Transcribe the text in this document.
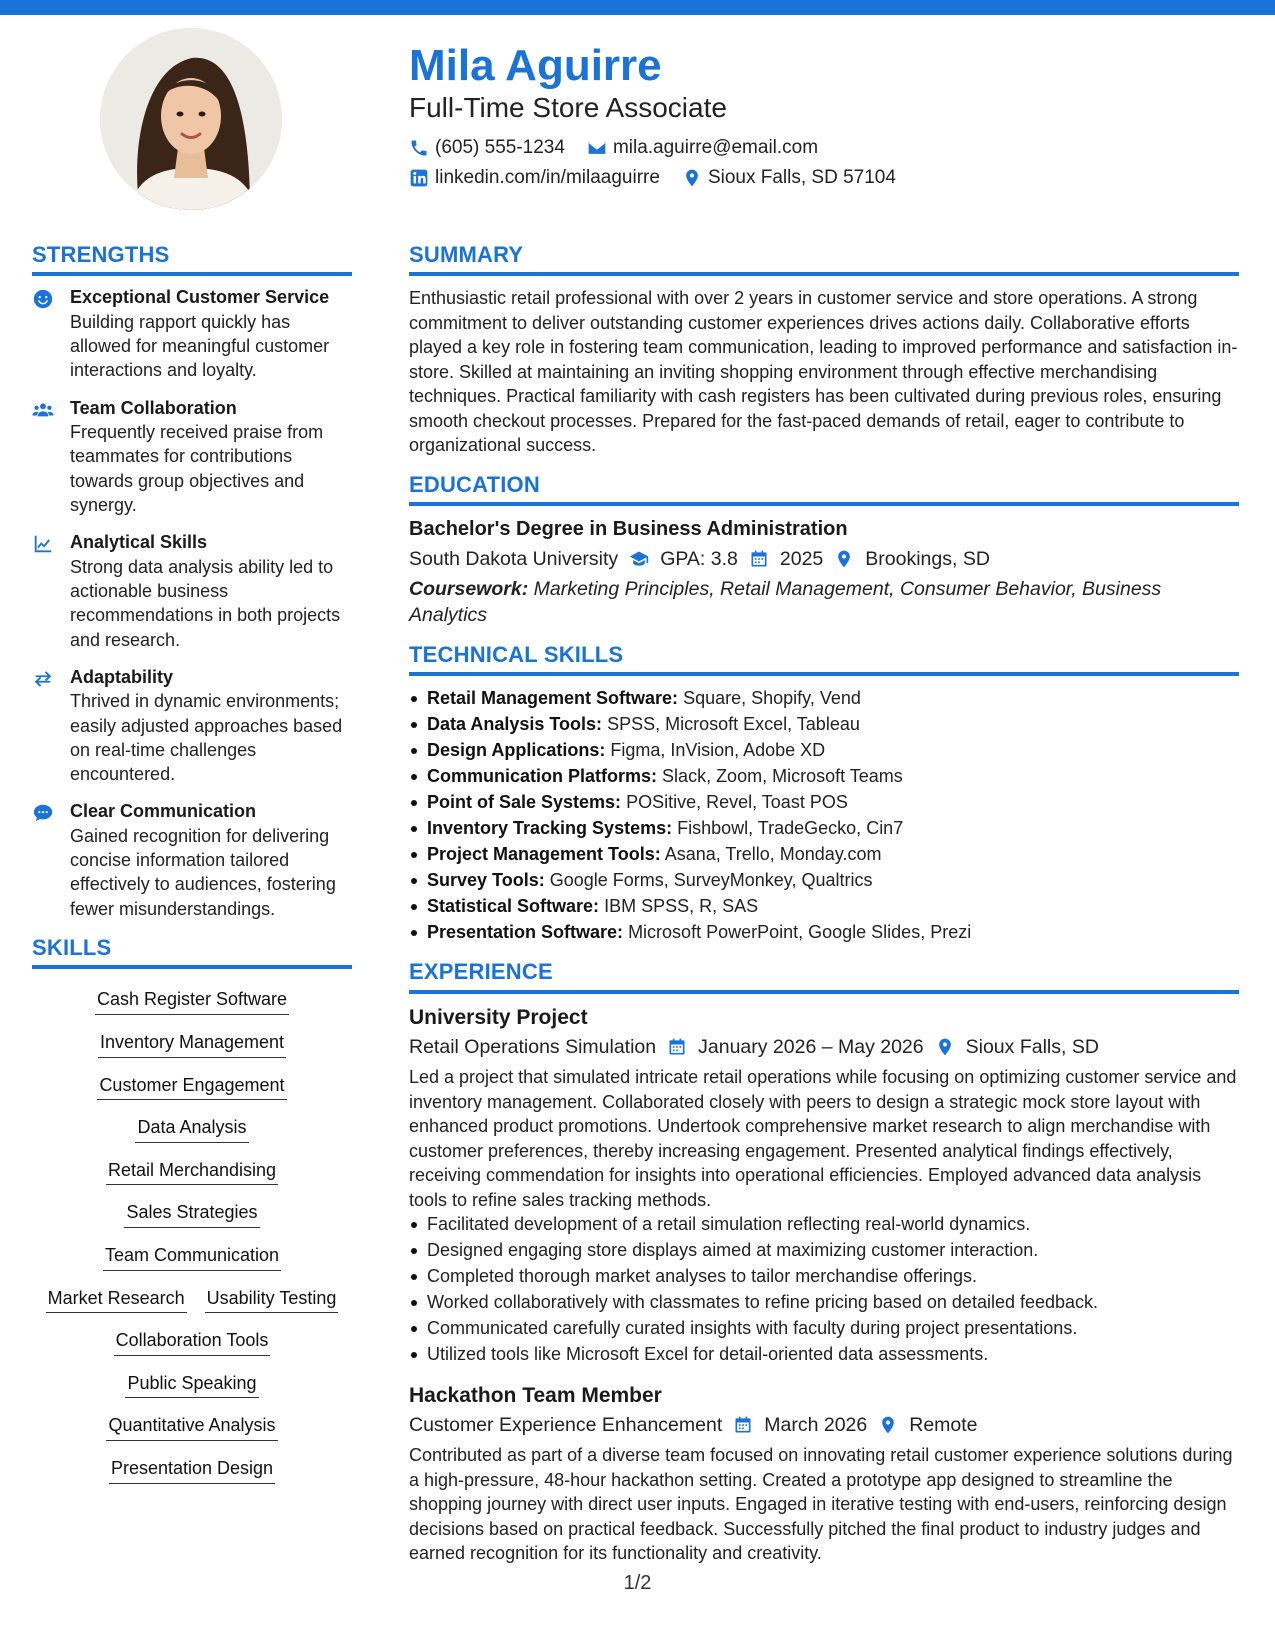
Mila Aguirre
Full-Time Store Associate
(605) 555-1234	mila.aguirre@email.com
linkedin.com/in/milaaguirre	Sioux Falls, SD 57104
STRENGTHS
Exceptional Customer Service
Building rapport quickly has allowed for meaningful customer interactions and loyalty.
Team Collaboration
Frequently received praise from teammates for contributions towards group objectives and synergy.
Analytical Skills
Strong data analysis ability led to actionable business recommendations in both projects and research.
Adaptability
Thrived in dynamic environments; easily adjusted approaches based on real-time challenges encountered.
Clear Communication
Gained recognition for delivering concise information tailored effectively to audiences, fostering fewer misunderstandings.
SKILLS
Cash Register Software
Inventory Management
Customer Engagement
Data Analysis
Retail Merchandising
Sales Strategies
Team Communication
Market Research Usability Testing
Collaboration Tools
Public Speaking
Quantitative Analysis
Presentation Design
SUMMARY
Enthusiastic retail professional with over 2 years in customer service and store operations. A strong commitment to deliver outstanding customer experiences drives actions daily. Collaborative efforts played a key role in fostering team communication, leading to improved performance and satisfaction in-store. Skilled at maintaining an inviting shopping environment through effective merchandising techniques. Practical familiarity with cash registers has been cultivated during previous roles, ensuring smooth checkout processes. Prepared for the fast-paced demands of retail, eager to contribute to organizational success.
EDUCATION
Bachelor's Degree in Business Administration
South Dakota University GPA: 3.8 2025 Brookings, SD
Coursework: Marketing Principles, Retail Management, Consumer Behavior, Business Analytics
TECHNICAL SKILLS
Retail Management Software: Square, Shopify, Vend
Data Analysis Tools: SPSS, Microsoft Excel, Tableau
Design Applications: Figma, InVision, Adobe XD
Communication Platforms: Slack, Zoom, Microsoft Teams
Point of Sale Systems: POSitive, Revel, Toast POS
Inventory Tracking Systems: Fishbowl, TradeGecko, Cin7
Project Management Tools: Asana, Trello, Monday.com
Survey Tools: Google Forms, SurveyMonkey, Qualtrics
Statistical Software: IBM SPSS, R, SAS
Presentation Software: Microsoft PowerPoint, Google Slides, Prezi
EXPERIENCE
University Project
Retail Operations Simulation January 2026 – May 2026 Sioux Falls, SD
Led a project that simulated intricate retail operations while focusing on optimizing customer service and inventory management. Collaborated closely with peers to design a strategic mock store layout with enhanced product promotions. Undertook comprehensive market research to align merchandise with customer preferences, thereby increasing engagement. Presented analytical findings effectively, receiving commendation for insights into operational efficiencies. Employed advanced data analysis tools to refine sales tracking methods.
Facilitated development of a retail simulation reflecting real-world dynamics.
Designed engaging store displays aimed at maximizing customer interaction.
Completed thorough market analyses to tailor merchandise offerings.
Worked collaboratively with classmates to refine pricing based on detailed feedback.
Communicated carefully curated insights with faculty during project presentations.
Utilized tools like Microsoft Excel for detail-oriented data assessments.
Hackathon Team Member
Customer Experience Enhancement March 2026 Remote
Contributed as part of a diverse team focused on innovating retail customer experience solutions during a high-pressure, 48-hour hackathon setting. Created a prototype app designed to streamline the shopping journey with direct user inputs. Engaged in iterative testing with end-users, reinforcing design decisions based on practical feedback. Successfully pitched the final product to industry judges and earned recognition for its functionality and creativity.
1/2
